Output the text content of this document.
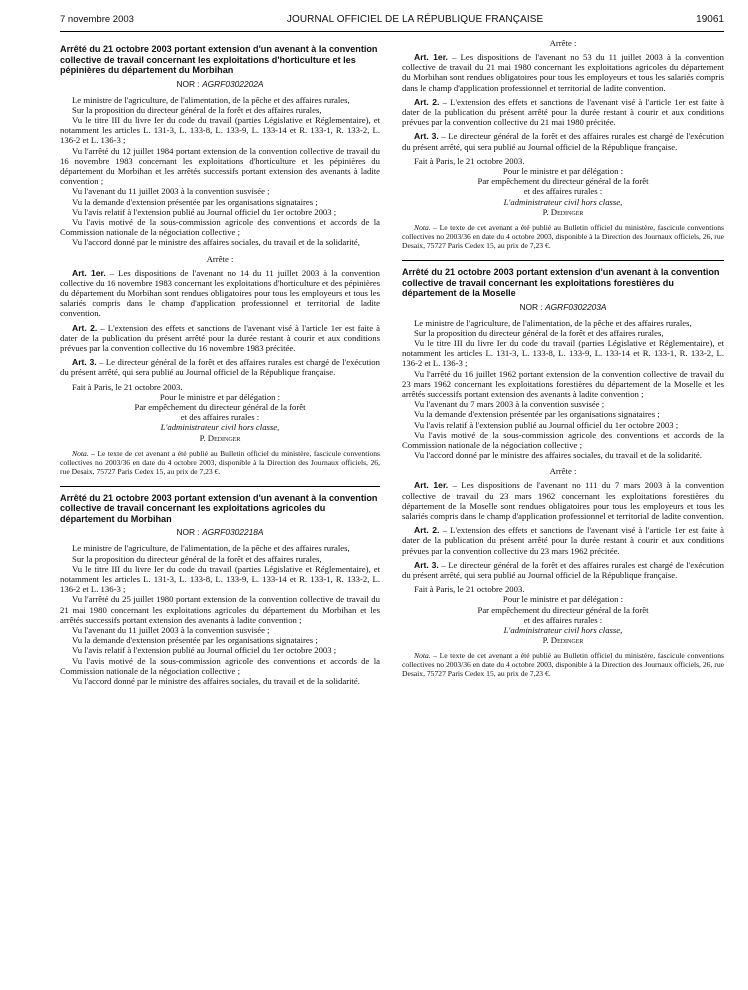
7 novembre 2003	JOURNAL OFFICIEL DE LA RÉPUBLIQUE FRANÇAISE	19061
Arrêté du 21 octobre 2003 portant extension d'un avenant à la convention collective de travail concernant les exploitations d'horticulture et les pépinières du département du Morbihan
NOR : AGRF0302202A

Le ministre de l'agriculture, de l'alimentation, de la pêche et des affaires rurales,

Sur la proposition du directeur général de la forêt et des affaires rurales,

Vu le titre III du livre Ier du code du travail (parties Législative et Réglementaire), et notamment les articles L. 131-3, L. 133-8, L. 133-9, L. 133-14 et R. 133-1, R. 133-2, L. 136-2 et L. 136-3 ;

Vu l'arrêté du 12 juillet 1984 portant extension de la convention collective de travail du 16 novembre 1983 concernant les exploitations d'horticulture et les pépinières du département du Morbihan et les arrêtés successifs portant extension des avenants à ladite convention ;

Vu l'avenant du 11 juillet 2003 à la convention susvisée ;

Vu la demande d'extension présentée par les organisations signataires ;

Vu l'avis relatif à l'extension publié au Journal officiel du 1er octobre 2003 ;

Vu l'avis motivé de la sous-commission agricole des conventions et accords de la Commission nationale de la négociation collective ;

Vu l'accord donné par le ministre des affaires sociales, du travail et de la solidarité,

Arrête :

Art. 1er. – Les dispositions de l'avenant no 14 du 11 juillet 2003 à la convention collective du 16 novembre 1983 concernant les exploitations d'horticulture et des pépinières du département du Morbihan sont rendues obligatoires pour tous les employeurs et tous les salariés compris dans le champ d'application professionnel et territorial de ladite convention.

Art. 2. – L'extension des effets et sanctions de l'avenant visé à l'article 1er est faite à dater de la publication du présent arrêté pour la durée restant à courir et aux conditions prévues par la convention collective du 16 novembre 1983 précitée.

Art. 3. – Le directeur général de la forêt et des affaires rurales est chargé de l'exécution du présent arrêté, qui sera publié au Journal officiel de la République française.

Fait à Paris, le 21 octobre 2003.

Pour le ministre et par délégation :
Par empêchement du directeur général de la forêt
et des affaires rurales :
L'administrateur civil hors classe,
P. Dedinger

Nota. – Le texte de cet avenant a été publié au Bulletin officiel du ministère, fascicule conventions collectives no 2003/36 en date du 4 octobre 2003, disponible à la Direction des Journaux officiels, 26, rue Desaix, 75727 Paris Cedex 15, au prix de 7,23 €.

Arrêté du 21 octobre 2003 portant extension d'un avenant à la convention collective de travail concernant les exploitations agricoles du département du Morbihan
NOR : AGRF0302218A

Le ministre de l'agriculture, de l'alimentation, de la pêche et des affaires rurales,

Sur la proposition du directeur général de la forêt et des affaires rurales,

Vu le titre III du livre Ier du code du travail (parties Législative et Réglementaire), et notamment les articles L. 131-3, L. 133-8, L. 133-9, L. 133-14 et R. 133-1, R. 133-2, L. 136-2 et L. 136-3 ;

Vu l'arrêté du 25 juillet 1980 portant extension de la convention collective de travail du 21 mai 1980 concernant les exploitations agricoles du département du Morbihan et les arrêtés successifs portant extension des avenants à ladite convention ;

Vu l'avenant du 11 juillet 2003 à la convention susvisée ;

Vu la demande d'extension présentée par les organisations signataires ;

Vu l'avis relatif à l'extension publié au Journal officiel du 1er octobre 2003 ;

Vu l'avis motivé de la sous-commission agricole des conventions et accords de la Commission nationale de la négociation collective ;

Vu l'accord donné par le ministre des affaires sociales, du travail et de la solidarité.

Arrête :

Art. 1er. – Les dispositions de l'avenant no 53 du 11 juillet 2003 à la convention collective de travail du 21 mai 1980 concernant les exploitations agricoles du département du Morbihan sont rendues obligatoires pour tous les employeurs et tous les salariés compris dans le champ d'application professionnel et territorial de ladite convention.

Art. 2. – L'extension des effets et sanctions de l'avenant visé à l'article 1er est faite à dater de la publication du présent arrêté pour la durée restant à courir et aux conditions prévues par la convention collective du 21 mai 1980 précitée.

Art. 3. – Le directeur général de la forêt et des affaires rurales est chargé de l'exécution du présent arrêté, qui sera publié au Journal officiel de la République française.

Fait à Paris, le 21 octobre 2003.

Pour le ministre et par délégation :
Par empêchement du directeur général de la forêt
et des affaires rurales :
L'administrateur civil hors classe,
P. Dedinger

Nota. – Le texte de cet avenant a été publié au Bulletin officiel du ministère, fascicule conventions collectives no 2003/36 en date du 4 octobre 2003, disponible à la Direction des Journaux officiels, 26, rue Desaix, 75727 Paris Cedex 15, au prix de 7,23 €.

Arrêté du 21 octobre 2003 portant extension d'un avenant à la convention collective de travail concernant les exploitations forestières du département de la Moselle
NOR : AGRF0302203A

Le ministre de l'agriculture, de l'alimentation, de la pêche et des affaires rurales,

Sur la proposition du directeur général de la forêt et des affaires rurales,

Vu le titre III du livre Ier du code du travail (parties Législative et Réglementaire), et notamment les articles L. 131-3, L. 133-8, L. 133-9, L. 133-14 et R. 133-1, R. 133-2, L. 136-2 et L. 136-3 ;

Vu l'arrêté du 16 juillet 1962 portant extension de la convention collective de travail du 23 mars 1962 concernant les exploitations forestières du département de la Moselle et les arrêtés successifs portant extension des avenants à ladite convention ;

Vu l'avenant du 7 mars 2003 à la convention susvisée ;

Vu la demande d'extension présentée par les organisations signataires ;

Vu l'avis relatif à l'extension publié au Journal officiel du 1er octobre 2003 ;

Vu l'avis motivé de la sous-commission agricole des conventions et accords de la Commission nationale de la négociation collective ;

Vu l'accord donné par le ministre des affaires sociales, du travail et de la solidarité.

Arrête :

Art. 1er. – Les dispositions de l'avenant no 111 du 7 mars 2003 à la convention collective de travail du 23 mars 1962 concernant les exploitations forestières du département de la Moselle sont rendues obligatoires pour tous les employeurs et tous les salariés compris dans le champ d'application professionnel et territorial de ladite convention.

Art. 2. – L'extension des effets et sanctions de l'avenant visé à l'article 1er est faite à dater de la publication du présent arrêté pour la durée restant à courir et aux conditions prévues par la convention collective du 23 mars 1962 précitée.

Art. 3. – Le directeur général de la forêt et des affaires rurales est chargé de l'exécution du présent arrêté, qui sera publié au Journal officiel de la République française.

Fait à Paris, le 21 octobre 2003.

Pour le ministre et par délégation :
Par empêchement du directeur général de la forêt
et des affaires rurales :
L'administrateur civil hors classe,
P. Dedinger

Nota. – Le texte de cet avenant a été publié au Bulletin officiel du ministère, fascicule conventions collectives no 2003/36 en date du 4 octobre 2003, disponible à la Direction des Journaux officiels, 26, rue Desaix, 75727 Paris Cedex 15, au prix de 7,23 €.
